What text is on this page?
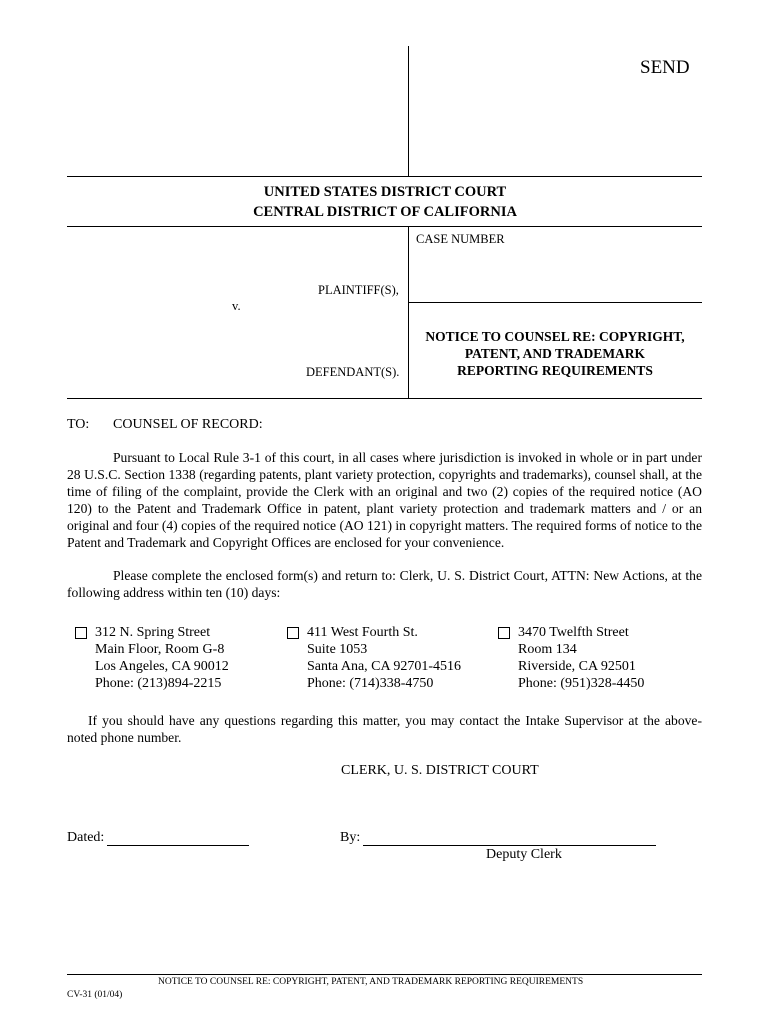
SEND
UNITED STATES DISTRICT COURT
CENTRAL DISTRICT OF CALIFORNIA
CASE NUMBER
PLAINTIFF(S),
v.
NOTICE TO COUNSEL RE: COPYRIGHT,
PATENT, AND TRADEMARK
REPORTING REQUIREMENTS
DEFENDANT(S).
TO: COUNSEL OF RECORD:
Pursuant to Local Rule 3-1 of this court, in all cases where jurisdiction is invoked in whole or in part under 28 U.S.C. Section 1338 (regarding patents, plant variety protection, copyrights and trademarks), counsel shall, at the time of filing of the complaint, provide the Clerk with an original and two (2) copies of the required notice (AO 120) to the Patent and Trademark Office in patent, plant variety protection and trademark matters and / or an original and four (4) copies of the required notice (AO 121) in copyright matters. The required forms of notice to the Patent and Trademark and Copyright Offices are enclosed for your convenience.
Please complete the enclosed form(s) and return to: Clerk, U. S. District Court, ATTN: New Actions, at the following address within ten (10) days:
312 N. Spring Street
Main Floor, Room G-8
Los Angeles, CA 90012
Phone: (213)894-2215
411 West Fourth St.
Suite 1053
Santa Ana, CA 92701-4516
Phone: (714)338-4750
3470 Twelfth Street
Room 134
Riverside, CA 92501
Phone: (951)328-4450
If you should have any questions regarding this matter, you may contact the Intake Supervisor at the above-noted phone number.
CLERK, U. S. DISTRICT COURT
Dated:	By:
Deputy Clerk
NOTICE TO COUNSEL RE: COPYRIGHT, PATENT, AND TRADEMARK REPORTING REQUIREMENTS
CV-31 (01/04)
